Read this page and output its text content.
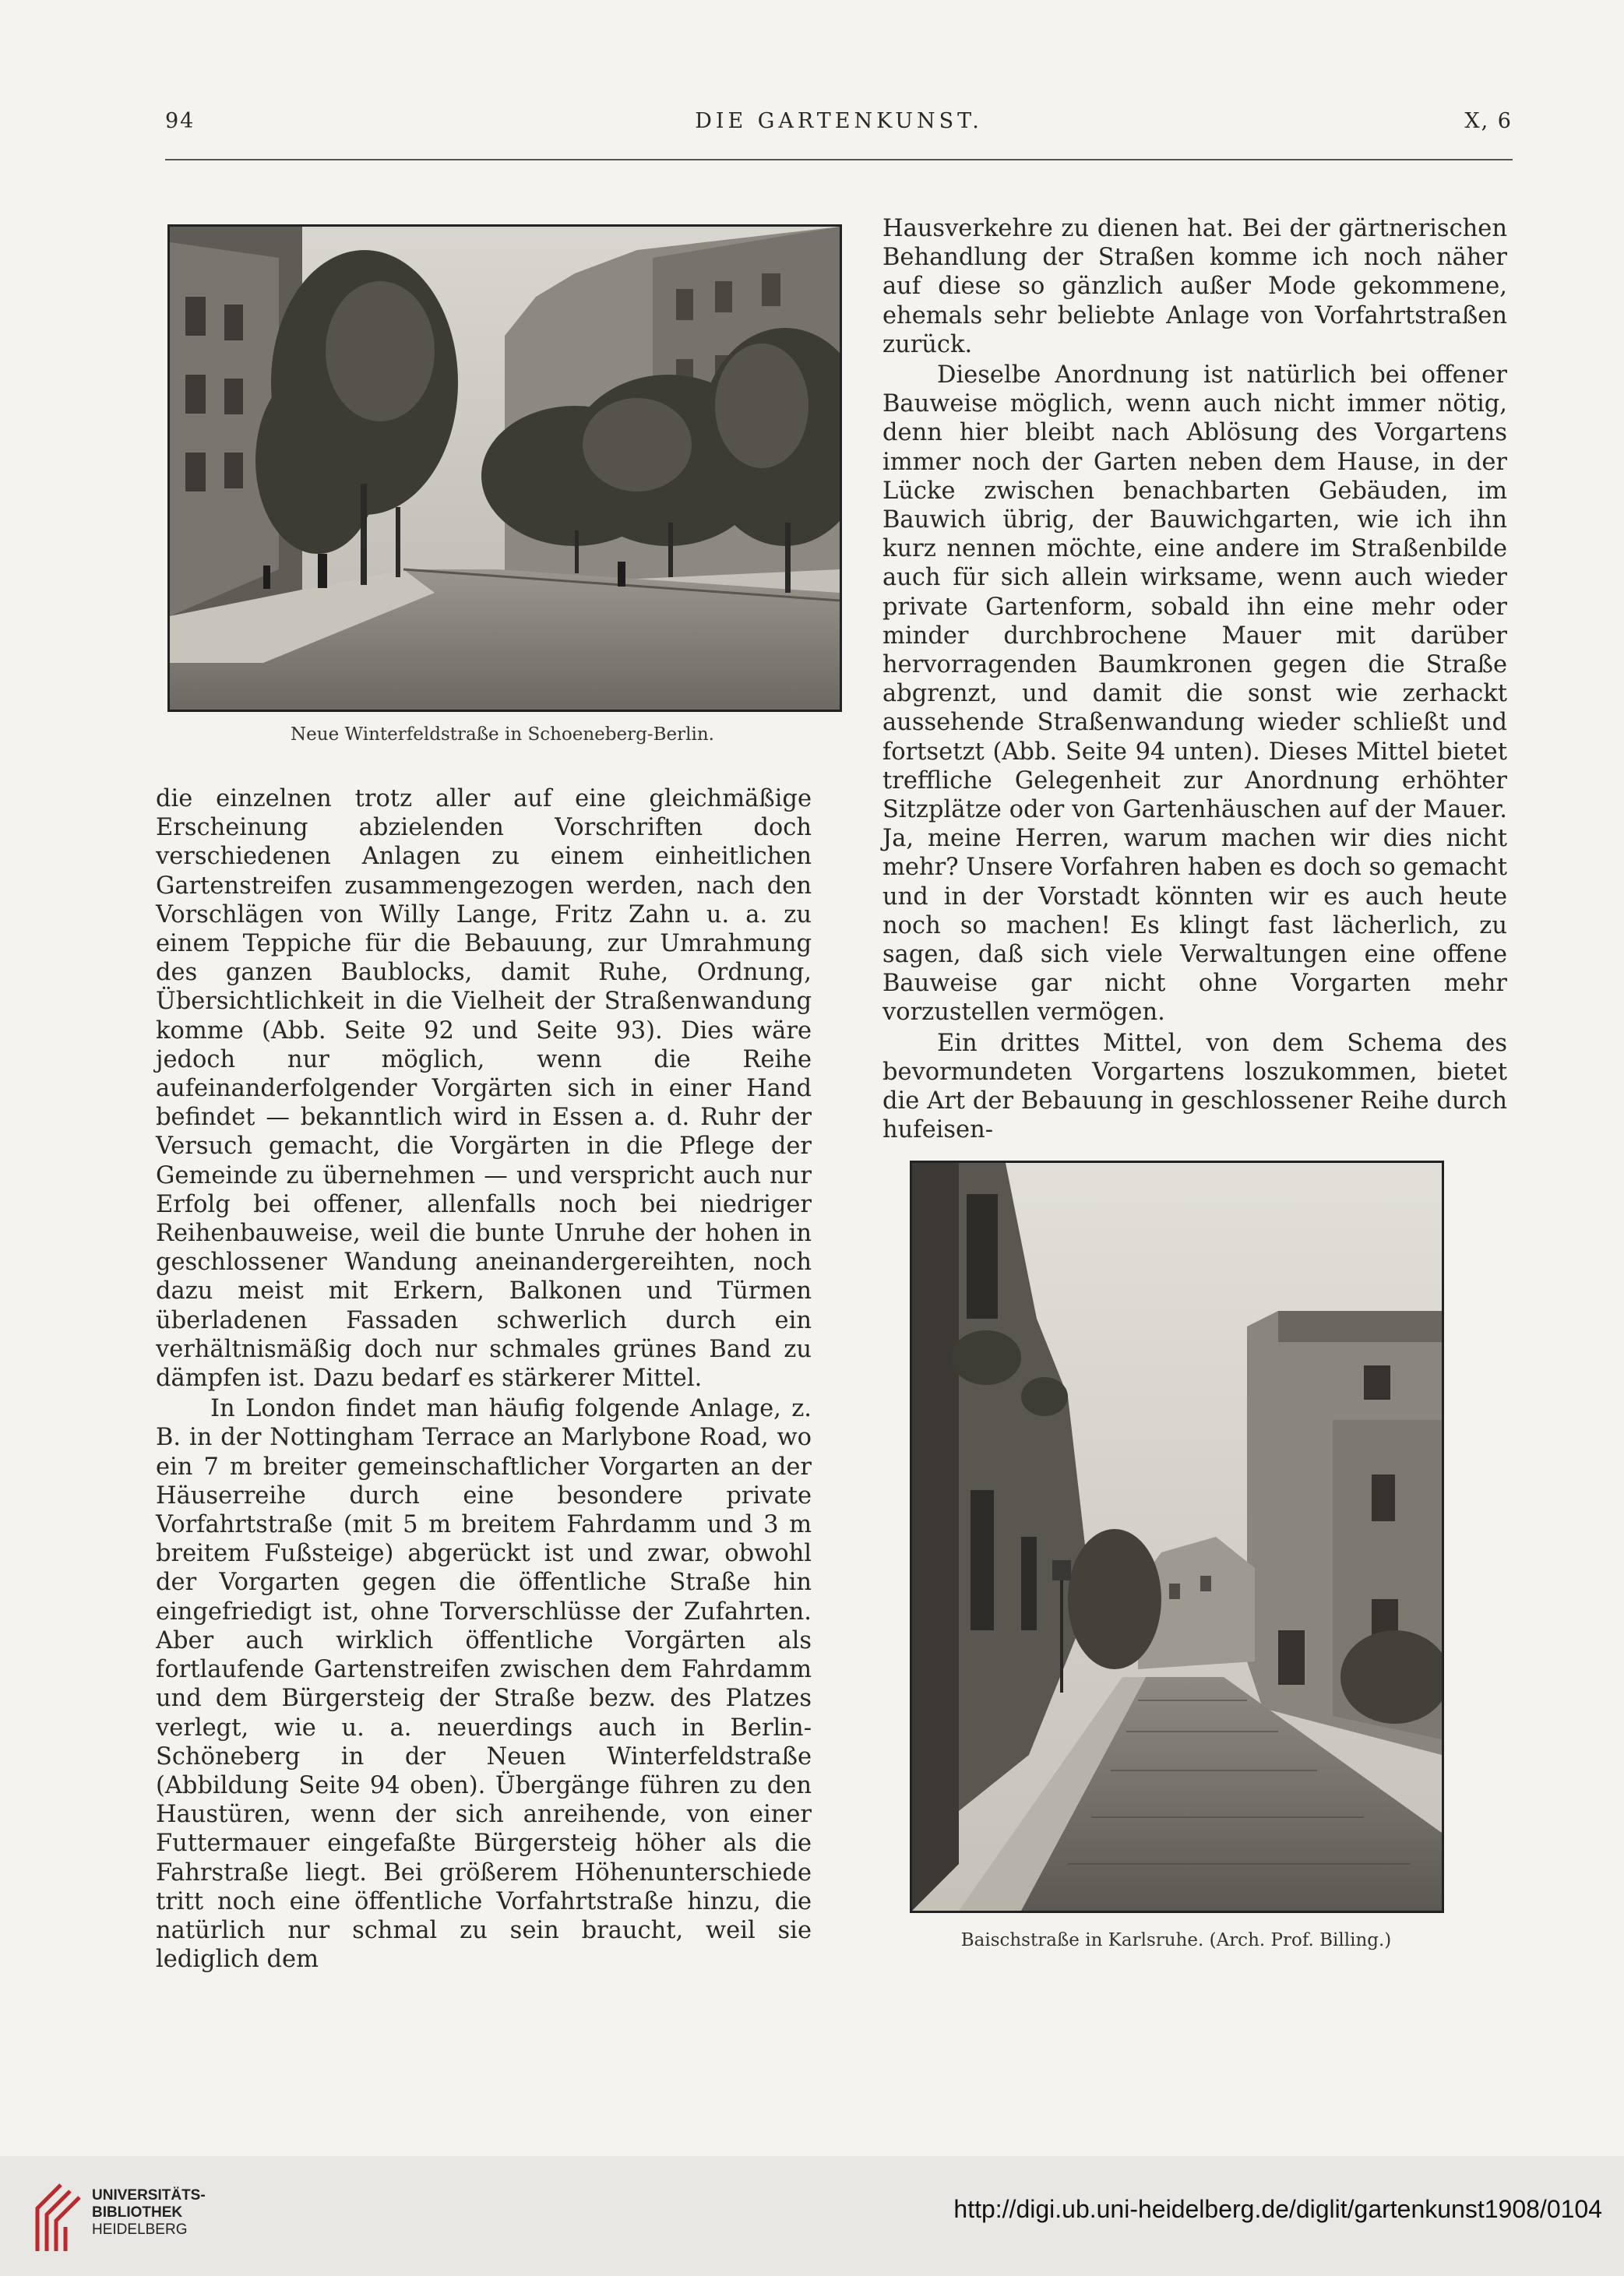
94	DIE GARTENKUNST.	X, 6
Neue Winterfeldstraße in Schoeneberg-Berlin.

die einzelnen trotz aller auf eine gleichmäßige Erscheinung abzielenden Vorschriften doch verschiedenen Anlagen zu einem einheitlichen Gartenstreifen zusammengezogen werden, nach den Vorschlägen von Willy Lange, Fritz Zahn u. a. zu einem Teppiche für die Bebauung, zur Umrahmung des ganzen Baublocks, damit Ruhe, Ordnung, Übersichtlichkeit in die Vielheit der Straßenwandung komme (Abb. Seite 92 und Seite 93). Dies wäre jedoch nur möglich, wenn die Reihe aufeinanderfolgender Vorgärten sich in einer Hand befindet — bekanntlich wird in Essen a. d. Ruhr der Versuch gemacht, die Vorgärten in die Pflege der Gemeinde zu übernehmen — und verspricht auch nur Erfolg bei offener, allenfalls noch bei niedriger Reihenbauweise, weil die bunte Unruhe der hohen in geschlossener Wandung aneinandergereihten, noch dazu meist mit Erkern, Balkonen und Türmen überladenen Fassaden schwerlich durch ein verhältnismäßig doch nur schmales grünes Band zu dämpfen ist. Dazu bedarf es stärkerer Mittel.

In London findet man häufig folgende Anlage, z. B. in der Nottingham Terrace an Marlybone Road, wo ein 7 m breiter gemeinschaftlicher Vorgarten an der Häuserreihe durch eine besondere private Vorfahrtstraße (mit 5 m breitem Fahrdamm und 3 m breitem Fußsteige) abgerückt ist und zwar, obwohl der Vorgarten gegen die öffentliche Straße hin eingefriedigt ist, ohne Torverschlüsse der Zufahrten. Aber auch wirklich öffentliche Vorgärten als fortlaufende Gartenstreifen zwischen dem Fahrdamm und dem Bürgersteig der Straße bezw. des Platzes verlegt, wie u. a. neuerdings auch in Berlin-Schöneberg in der Neuen Winterfeldstraße (Abbildung Seite 94 oben). Übergänge führen zu den Haustüren, wenn der sich anreihende, von einer Futtermauer eingefaßte Bürgersteig höher als die Fahrstraße liegt. Bei größerem Höhenunterschiede tritt noch eine öffentliche Vorfahrtstraße hinzu, die natürlich nur schmal zu sein braucht, weil sie lediglich dem

Hausverkehre zu dienen hat. Bei der gärtnerischen Behandlung der Straßen komme ich noch näher auf diese so gänzlich außer Mode gekommene, ehemals sehr beliebte Anlage von Vorfahrtstraßen zurück.

Dieselbe Anordnung ist natürlich bei offener Bauweise möglich, wenn auch nicht immer nötig, denn hier bleibt nach Ablösung des Vorgartens immer noch der Garten neben dem Hause, in der Lücke zwischen benachbarten Gebäuden, im Bauwich übrig, der Bauwichgarten, wie ich ihn kurz nennen möchte, eine andere im Straßenbilde auch für sich allein wirksame, wenn auch wieder private Gartenform, sobald ihn eine mehr oder minder durchbrochene Mauer mit darüber hervorragenden Baumkronen gegen die Straße abgrenzt, und damit die sonst wie zerhackt aussehende Straßenwandung wieder schließt und fortsetzt (Abb. Seite 94 unten). Dieses Mittel bietet treffliche Gelegenheit zur Anordnung erhöhter Sitzplätze oder von Gartenhäuschen auf der Mauer. Ja, meine Herren, warum machen wir dies nicht mehr? Unsere Vorfahren haben es doch so gemacht und in der Vorstadt könnten wir es auch heute noch so machen! Es klingt fast lächerlich, zu sagen, daß sich viele Verwaltungen eine offene Bauweise gar nicht ohne Vorgarten mehr vorzustellen vermögen.

Ein drittes Mittel, von dem Schema des bevormundeten Vorgartens loszukommen, bietet die Art der Bebauung in geschlossener Reihe durch hufeisen-

Baischstraße in Karlsruhe. (Arch. Prof. Billing.)
UNIVERSITÄTS-
BIBLIOTHEK
HEIDELBERG
http://digi.ub.uni-heidelberg.de/diglit/gartenkunst1908/0104
